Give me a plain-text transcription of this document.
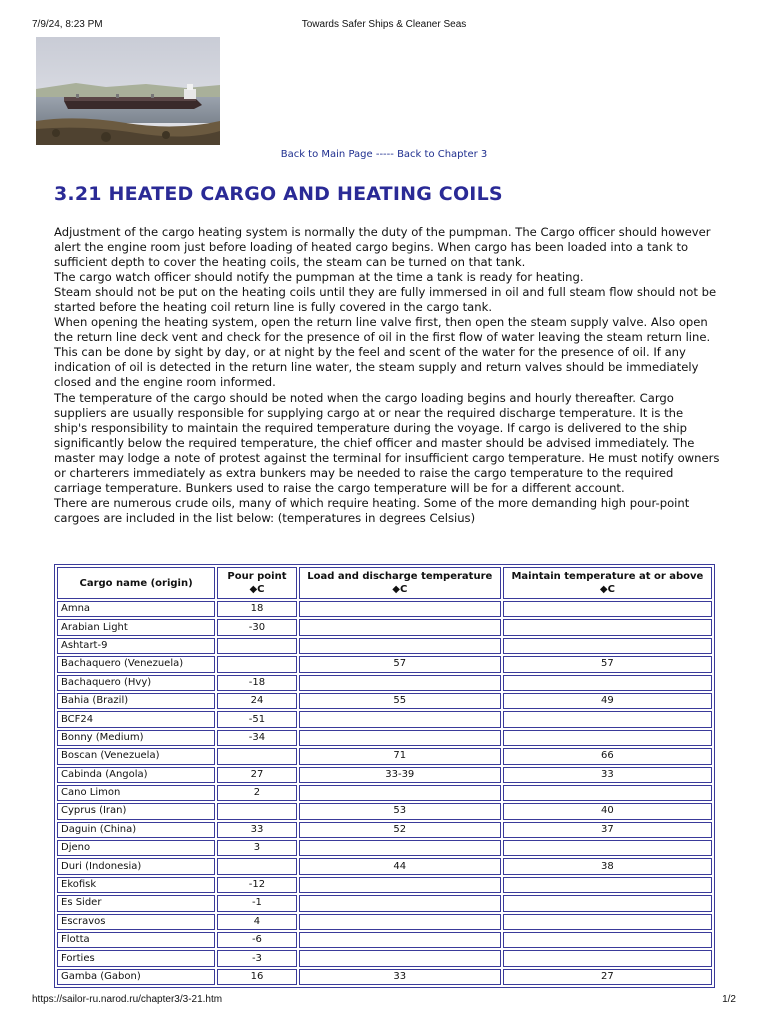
7/9/24, 8:23 PM	Towards Safer Ships & Cleaner Seas
Back to Main Page ----- Back to Chapter 3
3.21 HEATED CARGO AND HEATING COILS

Adjustment of the cargo heating system is normally the duty of the pumpman. The Cargo officer should however alert the engine room just before loading of heated cargo begins. When cargo has been loaded into a tank to sufficient depth to cover the heating coils, the steam can be turned on that tank.

The cargo watch officer should notify the pumpman at the time a tank is ready for heating.

Steam should not be put on the heating coils until they are fully immersed in oil and full steam flow should not be started before the heating coil return line is fully covered in the cargo tank.

When opening the heating system, open the return line valve first, then open the steam supply valve. Also open the return line deck vent and check for the presence of oil in the first flow of water leaving the steam return line. This can be done by sight by day, or at night by the feel and scent of the water for the presence of oil. If any indication of oil is detected in the return line water, the steam supply and return valves should be immediately closed and the engine room informed.

The temperature of the cargo should be noted when the cargo loading begins and hourly thereafter. Cargo suppliers are usually responsible for supplying cargo at or near the required discharge temperature. It is the ship's responsibility to maintain the required temperature during the voyage. If cargo is delivered to the ship significantly below the required temperature, the chief officer and master should be advised immediately. The master may lodge a note of protest against the terminal for insufficient cargo temperature. He must notify owners or charterers immediately as extra bunkers may be needed to raise the cargo temperature to the required carriage temperature. Bunkers used to raise the cargo temperature will be for a different account.

There are numerous crude oils, many of which require heating. Some of the more demanding high pour-point cargoes are included in the list below: (temperatures in degrees Celsius)

Cargo name (origin)	Pour point ◆C	Load and discharge temperature ◆C	Maintain temperature at or above ◆C
Amna	18		
Arabian Light	-30		
Ashtart-9			
Bachaquero (Venezuela)		57	57
Bachaquero (Hvy)	-18		
Bahia (Brazil)	24	55	49
BCF24	-51		
Bonny (Medium)	-34		
Boscan (Venezuela)		71	66
Cabinda (Angola)	27	33-39	33
Cano Limon	2		
Cyprus (Iran)		53	40
Daguin (China)	33	52	37
Djeno	3		
Duri (Indonesia)		44	38
Ekofisk	-12		
Es Sider	-1		
Escravos	4		
Flotta	-6		
Forties	-3		
Gamba (Gabon)	16	33	27
https://sailor-ru.narod.ru/chapter3/3-21.htm	1/2
